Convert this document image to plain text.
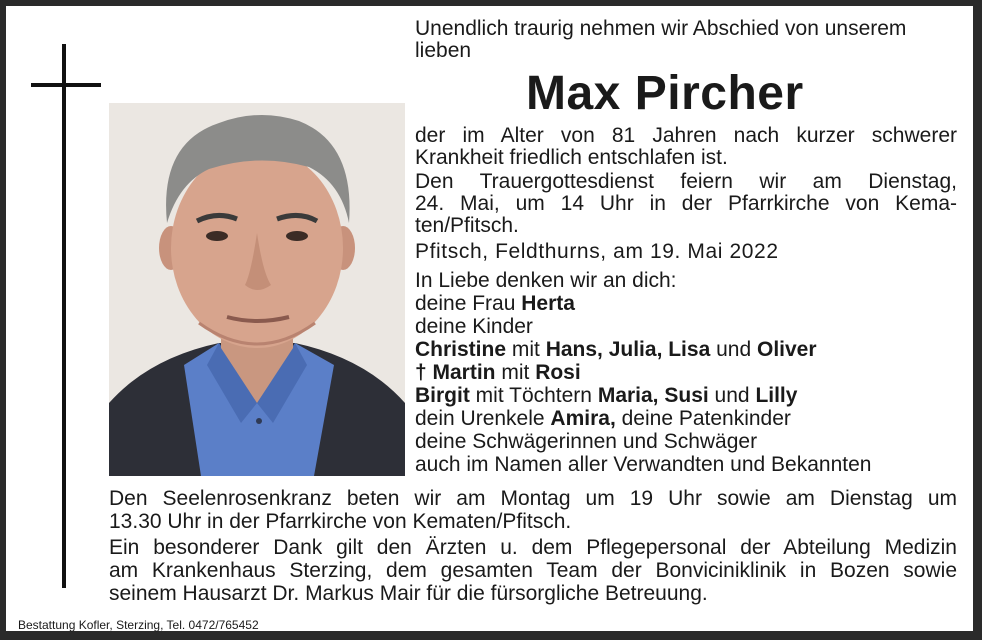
Unendlich traurig nehmen wir Abschied von unserem
lieben
Max Pircher
der im Alter von 81 Jahren nach kurzer schwerer
Krankheit friedlich entschlafen ist.
Den Trauergottesdienst feiern wir am Dienstag,
24. Mai, um 14 Uhr in der Pfarrkirche von Kema-
ten/Pfitsch.
Pfitsch, Feldthurns, am 19. Mai 2022
In Liebe denken wir an dich:
deine Frau Herta
deine Kinder
Christine mit Hans, Julia, Lisa und Oliver
† Martin mit Rosi
Birgit mit Töchtern Maria, Susi und Lilly
dein Urenkele Amira, deine Patenkinder
deine Schwägerinnen und Schwäger
auch im Namen aller Verwandten und Bekannten
Den Seelenrosenkranz beten wir am Montag um 19 Uhr sowie am Dienstag um
13.30 Uhr in der Pfarrkirche von Kematen/Pfitsch.
Ein besonderer Dank gilt den Ärzten u. dem Pflegepersonal der Abteilung Medizin
am Krankenhaus Sterzing, dem gesamten Team der Bonviciniklinik in Bozen sowie
seinem Hausarzt Dr. Markus Mair für die fürsorgliche Betreuung.
Bestattung Kofler, Sterzing, Tel. 0472/765452
